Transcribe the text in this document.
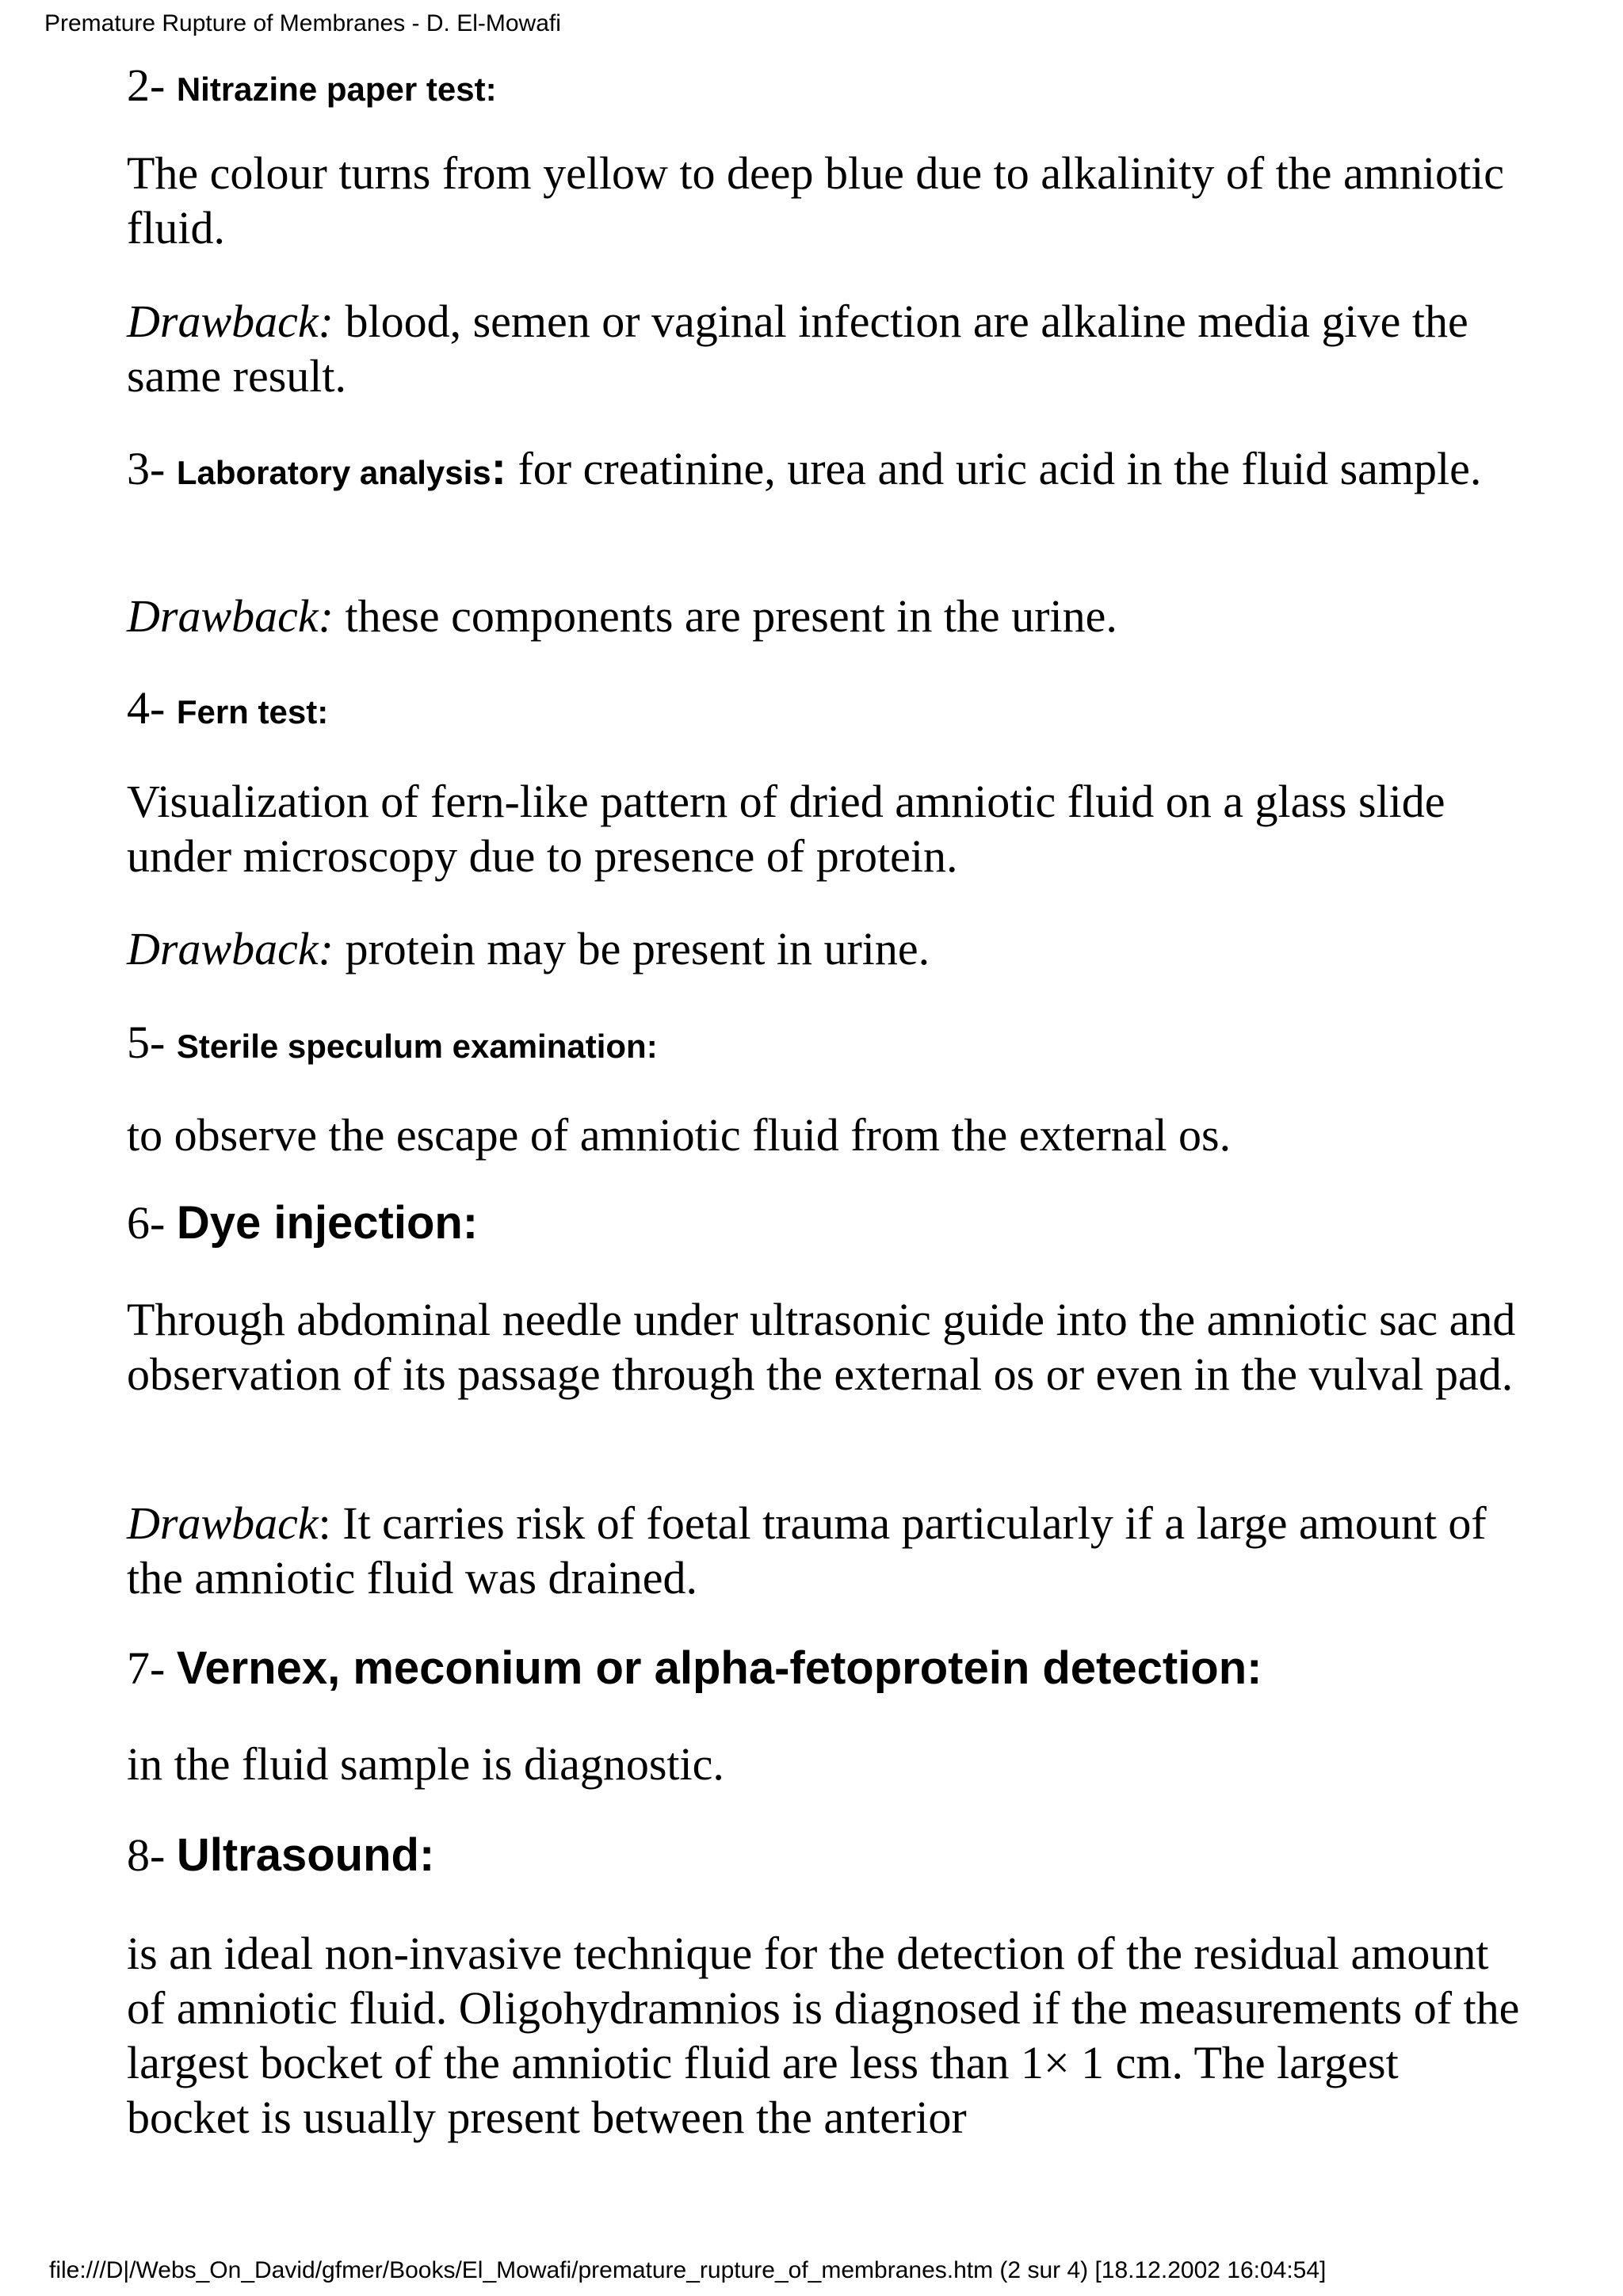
Premature Rupture of Membranes - D. El-Mowafi
2- Nitrazine paper test:
The colour turns from yellow to deep blue due to alkalinity of the amniotic fluid.
Drawback: blood, semen or vaginal infection are alkaline media give the same result.
3- Laboratory analysis: for creatinine, urea and uric acid in the fluid sample.
Drawback: these components are present in the urine.
4- Fern test:
Visualization of fern-like pattern of dried amniotic fluid on a glass slide under microscopy due to presence of protein.
Drawback: protein may be present in urine.
5- Sterile speculum examination:
to observe the escape of amniotic fluid from the external os.
6- Dye injection:
Through abdominal needle under ultrasonic guide into the amniotic sac and observation of its passage through the external os or even in the vulval pad.
Drawback: It carries risk of foetal trauma particularly if a large amount of the amniotic fluid was drained.
7- Vernex, meconium or alpha-fetoprotein detection:
in the fluid sample is diagnostic.
8- Ultrasound:
is an ideal non-invasive technique for the detection of the residual amount of amniotic fluid. Oligohydramnios is diagnosed if the measurements of the largest bocket of the amniotic fluid are less than 1× 1 cm. The largest bocket is usually present between the anterior
file:///D|/Webs_On_David/gfmer/Books/El_Mowafi/premature_rupture_of_membranes.htm (2 sur 4) [18.12.2002 16:04:54]
